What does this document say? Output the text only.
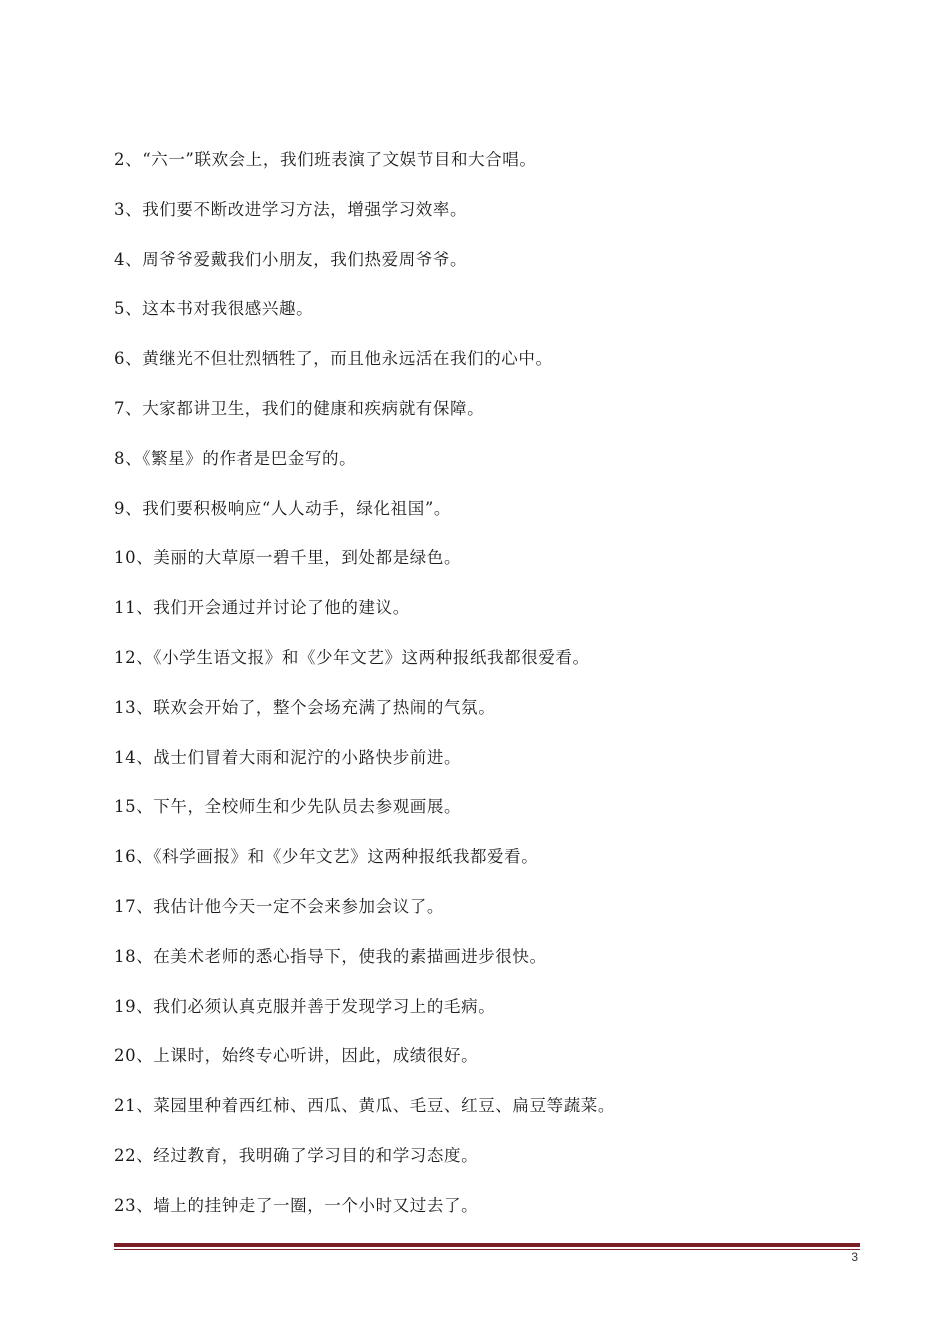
2、“六一”联欢会上，我们班表演了文娱节目和大合唱。
3、我们要不断改进学习方法，增强学习效率。
4、周爷爷爱戴我们小朋友，我们热爱周爷爷。
5、这本书对我很感兴趣。
6、黄继光不但壮烈牺牲了，而且他永远活在我们的心中。
7、大家都讲卫生，我们的健康和疾病就有保障。
8、《繁星》的作者是巴金写的。
9、我们要积极响应“人人动手，绿化祖国”。
10、美丽的大草原一碧千里，到处都是绿色。
11、我们开会通过并讨论了他的建议。
12、《小学生语文报》和《少年文艺》这两种报纸我都很爱看。
13、联欢会开始了，整个会场充满了热闹的气氛。
14、战士们冒着大雨和泥泞的小路快步前进。
15、下午，全校师生和少先队员去参观画展。
16、《科学画报》和《少年文艺》这两种报纸我都爱看。
17、我估计他今天一定不会来参加会议了。
18、在美术老师的悉心指导下，使我的素描画进步很快。
19、我们必须认真克服并善于发现学习上的毛病。
20、上课时，始终专心听讲，因此，成绩很好。
21、菜园里种着西红柿、西瓜、黄瓜、毛豆、红豆、扁豆等蔬菜。
22、经过教育，我明确了学习目的和学习态度。
23、墙上的挂钟走了一圈，一个小时又过去了。
3
